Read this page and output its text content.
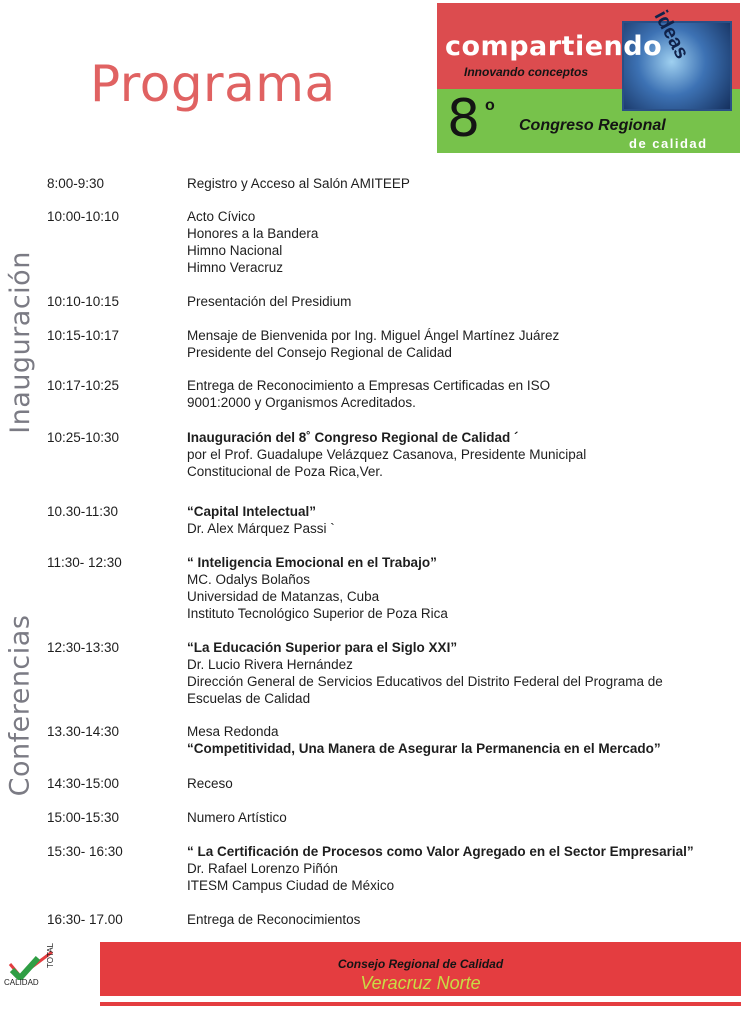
Programa
compartiendo
ideas
Innovando conceptos
8 o
Congreso Regional
de calidad
Inauguración
Conferencias
8:00-9:30	Registro y Acceso al Salón AMITEEP
10:00-10:10	Acto Cívico
Honores a la Bandera
Himno Nacional
Himno Veracruz
10:10-10:15	Presentación del Presidium
10:15-10:17	Mensaje de Bienvenida por Ing. Miguel Ángel Martínez Juárez
Presidente del Consejo Regional de Calidad
10:17-10:25	Entrega de Reconocimiento a Empresas Certificadas en ISO
9001:2000 y Organismos Acreditados.
10:25-10:30	Inauguración del 8˚ Congreso Regional de Calidad ´
por el Prof. Guadalupe Velázquez Casanova, Presidente Municipal
Constitucional de Poza Rica,Ver.
10.30-11:30	“Capital Intelectual”
Dr. Alex Márquez Passi `
11:30- 12:30	“ Inteligencia Emocional en el Trabajo”
MC. Odalys Bolaños
Universidad de Matanzas, Cuba
Instituto Tecnológico Superior de Poza Rica
12:30-13:30	“La Educación Superior para el Siglo XXI”
Dr. Lucio Rivera Hernández
Dirección General de Servicios Educativos del Distrito Federal del Programa de
Escuelas de Calidad
13.30-14:30	Mesa Redonda
“Competitividad, Una Manera de Asegurar la Permanencia en el Mercado”
14:30-15:00	Receso
15:00-15:30	Numero Artístico
15:30- 16:30	“ La Certificación de Procesos como Valor Agregado en el Sector Empresarial”
Dr. Rafael Lorenzo Piñón
ITESM Campus Ciudad de México
16:30- 17.00	Entrega de Reconocimientos
Consejo Regional de Calidad
Veracruz Norte
CALIDAD
TOTAL
